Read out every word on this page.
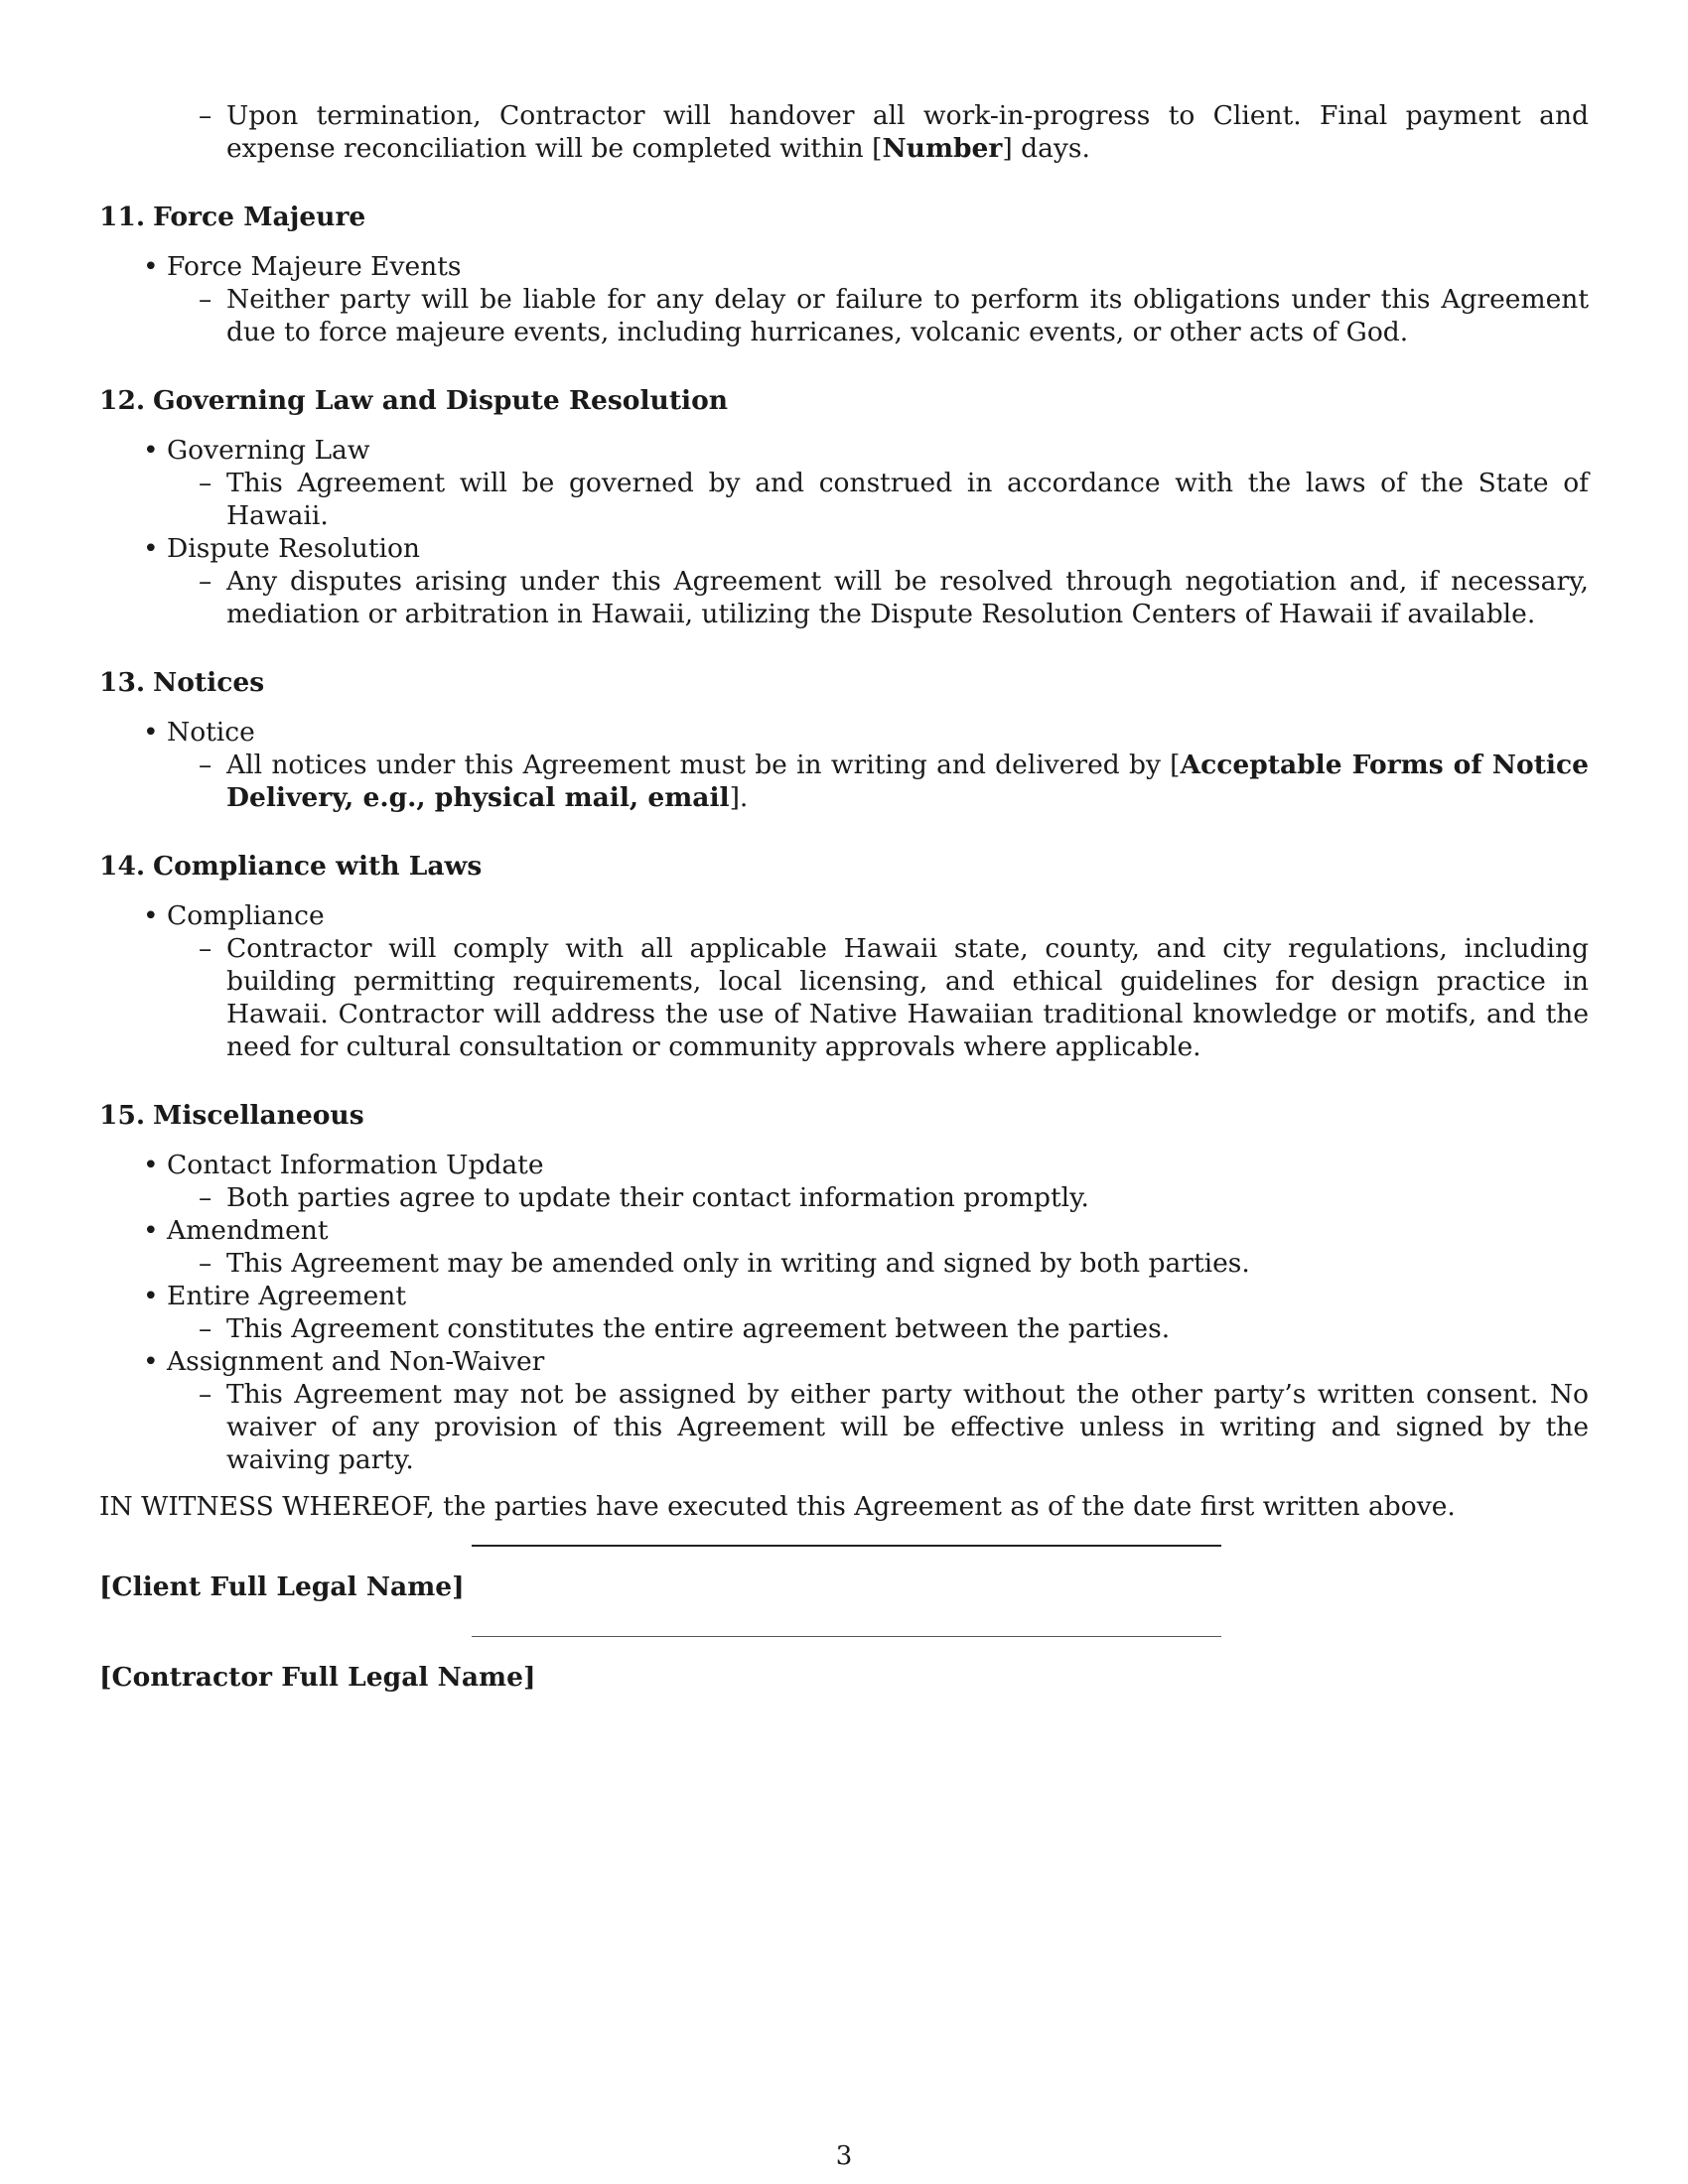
– Upon termination, Contractor will handover all work-in-progress to Client. Final payment and expense reconciliation will be completed within [Number] days.
11. Force Majeure
• Force Majeure Events
– Neither party will be liable for any delay or failure to perform its obligations under this Agreement due to force majeure events, including hurricanes, volcanic events, or other acts of God.
12. Governing Law and Dispute Resolution
• Governing Law
– This Agreement will be governed by and construed in accordance with the laws of the State of Hawaii.
• Dispute Resolution
– Any disputes arising under this Agreement will be resolved through negotiation and, if necessary, mediation or arbitration in Hawaii, utilizing the Dispute Resolution Centers of Hawaii if available.
13. Notices
• Notice
– All notices under this Agreement must be in writing and delivered by [Acceptable Forms of Notice Delivery, e.g., physical mail, email].
14. Compliance with Laws
• Compliance
– Contractor will comply with all applicable Hawaii state, county, and city regulations, including building permitting requirements, local licensing, and ethical guidelines for design practice in Hawaii. Contractor will address the use of Native Hawaiian traditional knowledge or motifs, and the need for cultural consultation or community approvals where applicable.
15. Miscellaneous
• Contact Information Update
– Both parties agree to update their contact information promptly.
• Amendment
– This Agreement may be amended only in writing and signed by both parties.
• Entire Agreement
– This Agreement constitutes the entire agreement between the parties.
• Assignment and Non-Waiver
– This Agreement may not be assigned by either party without the other party’s written consent. No waiver of any provision of this Agreement will be effective unless in writing and signed by the waiving party.
IN WITNESS WHEREOF, the parties have executed this Agreement as of the date first written above.
[Client Full Legal Name]
[Contractor Full Legal Name]
3
